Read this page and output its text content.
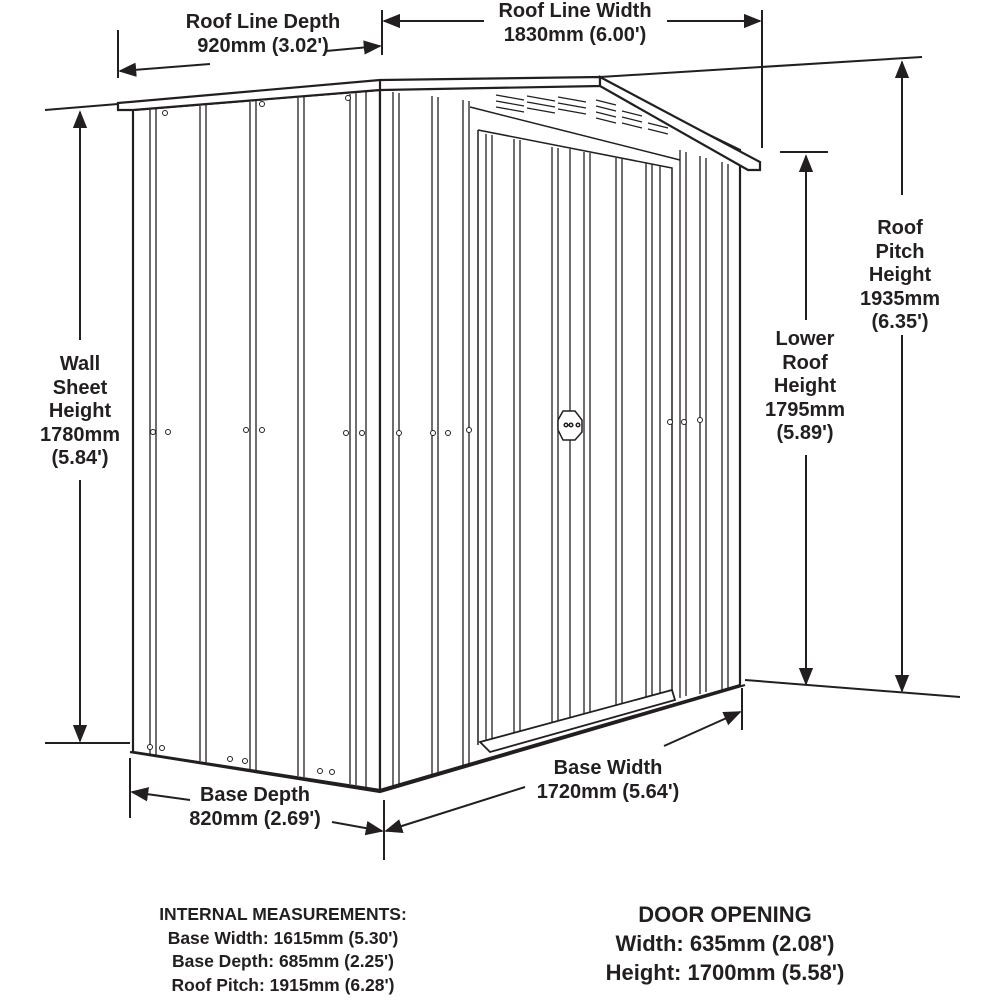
Roof Line Depth
920mm (3.02')
Roof Line Width
1830mm (6.00')
Roof
Pitch
Height
1935mm
(6.35')
Lower
Roof
Height
1795mm
(5.89')
Wall
Sheet
Height
1780mm
(5.84')
Base Depth
820mm (2.69')
Base Width
1720mm (5.64')
INTERNAL MEASUREMENTS:
Base Width: 1615mm (5.30')
Base Depth: 685mm (2.25')
Roof Pitch: 1915mm (6.28')
DOOR OPENING
Width: 635mm (2.08')
Height: 1700mm (5.58')
